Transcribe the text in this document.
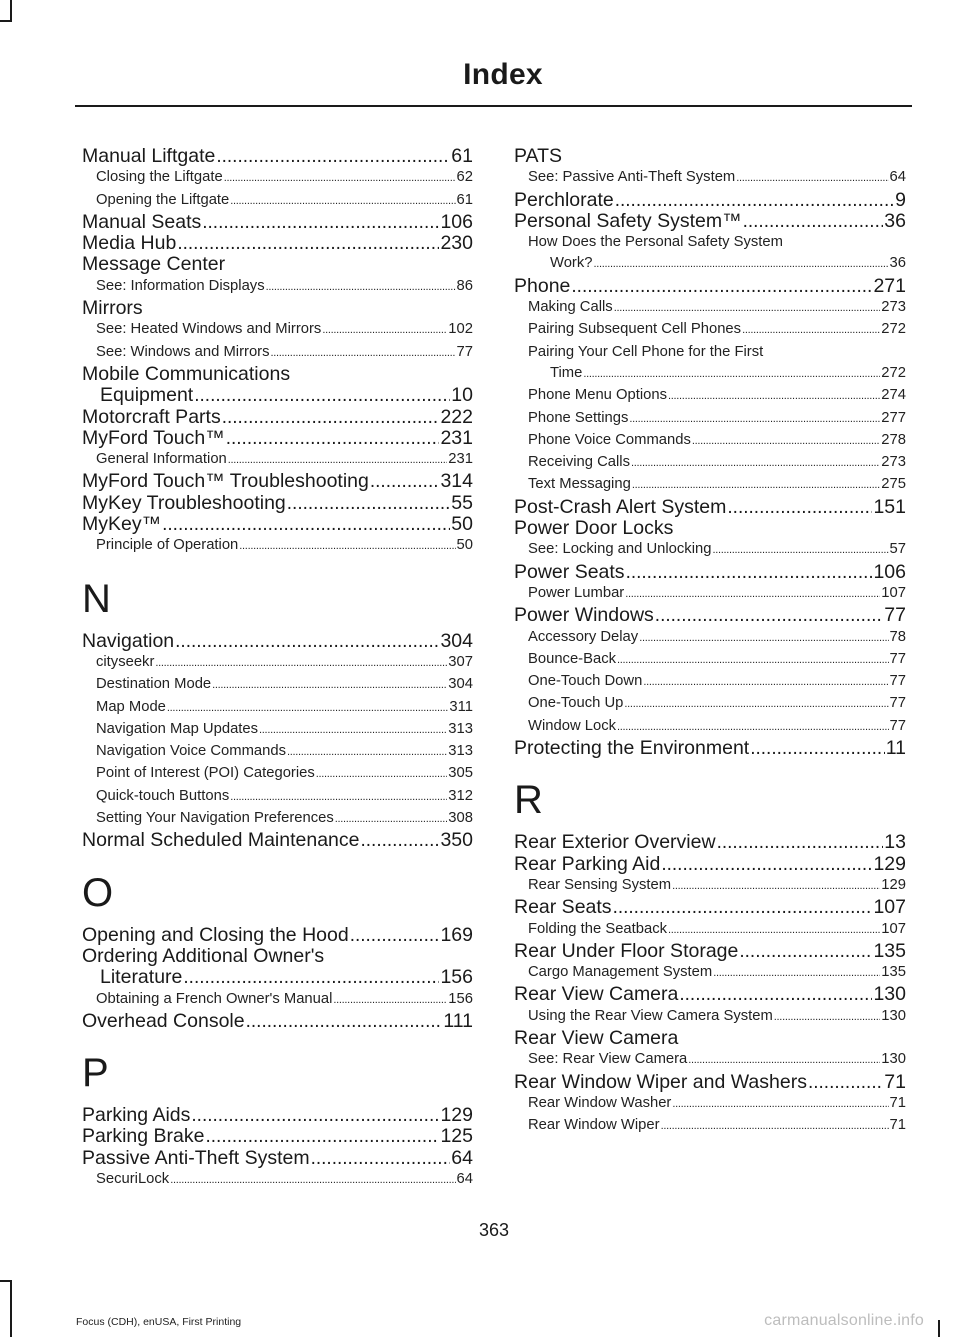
Index
Manual Liftgate .....	61
Closing the Liftgate .....	62
Opening the Liftgate .....	61
Manual Seats .....	106
Media Hub .....	230
Message Center
See: Information Displays .....	86
Mirrors
See: Heated Windows and Mirrors .....	102
See: Windows and Mirrors .....	77
Mobile Communications
Equipment .....	10
Motorcraft Parts .....	222
MyFord Touch™ .....	231
General Information .....	231
MyFord Touch™ Troubleshooting .....	314
MyKey Troubleshooting .....	55
MyKey™ .....	50
Principle of Operation .....	50
N
Navigation .....	304
cityseekr .....	307
Destination Mode .....	304
Map Mode .....	311
Navigation Map Updates .....	313
Navigation Voice Commands .....	313
Point of Interest (POI) Categories .....	305
Quick-touch Buttons .....	312
Setting Your Navigation Preferences .....	308
Normal Scheduled Maintenance .....	350
O
Opening and Closing the Hood .....	169
Ordering Additional Owner's
Literature .....	156
Obtaining a French Owner's Manual .....	156
Overhead Console .....	111
P
Parking Aids .....	129
Parking Brake .....	125
Passive Anti-Theft System .....	64
SecuriLock .....	64
PATS
See: Passive Anti-Theft System .....	64
Perchlorate .....	9
Personal Safety System™ .....	36
How Does the Personal Safety System
Work? .....	36
Phone .....	271
Making Calls .....	273
Pairing Subsequent Cell Phones .....	272
Pairing Your Cell Phone for the First
Time .....	272
Phone Menu Options .....	274
Phone Settings .....	277
Phone Voice Commands .....	278
Receiving Calls .....	273
Text Messaging .....	275
Post-Crash Alert System .....	151
Power Door Locks
See: Locking and Unlocking .....	57
Power Seats .....	106
Power Lumbar .....	107
Power Windows .....	77
Accessory Delay .....	78
Bounce-Back .....	77
One-Touch Down .....	77
One-Touch Up .....	77
Window Lock .....	77
Protecting the Environment .....	11
R
Rear Exterior Overview .....	13
Rear Parking Aid .....	129
Rear Sensing System .....	129
Rear Seats .....	107
Folding the Seatback .....	107
Rear Under Floor Storage .....	135
Cargo Management System .....	135
Rear View Camera .....	130
Using the Rear View Camera System .....	130
Rear View Camera
See: Rear View Camera .....	130
Rear Window Wiper and Washers .....	71
Rear Window Washer .....	71
Rear Window Wiper .....	71
363
Focus (CDH), enUSA, First Printing	carmanualsonline.info
